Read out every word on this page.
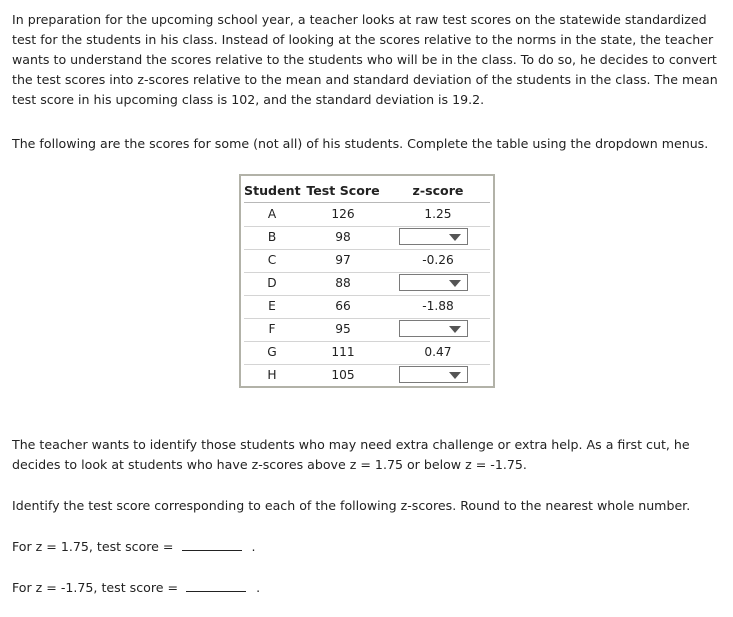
In preparation for the upcoming school year, a teacher looks at raw test scores on the statewide standardized test for the students in his class. Instead of looking at the scores relative to the norms in the state, the teacher wants to understand the scores relative to the students who will be in the class. To do so, he decides to convert the test scores into z-scores relative to the mean and standard deviation of the students in the class. The mean test score in his upcoming class is 102, and the standard deviation is 19.2.

The following are the scores for some (not all) of his students. Complete the table using the dropdown menus.

Student Test Score	z-score
A	126	1.25
B	98
C	97	-0.26
D	88
E	66	-1.88
F	95
G	111	0.47
H	105

The teacher wants to identify those students who may need extra challenge or extra help. As a first cut, he decides to look at students who have z-scores above z = 1.75 or below z = -1.75.

Identify the test score corresponding to each of the following z-scores. Round to the nearest whole number.

For z = 1.75, test score =	.
For z = -1.75, test score =	.
